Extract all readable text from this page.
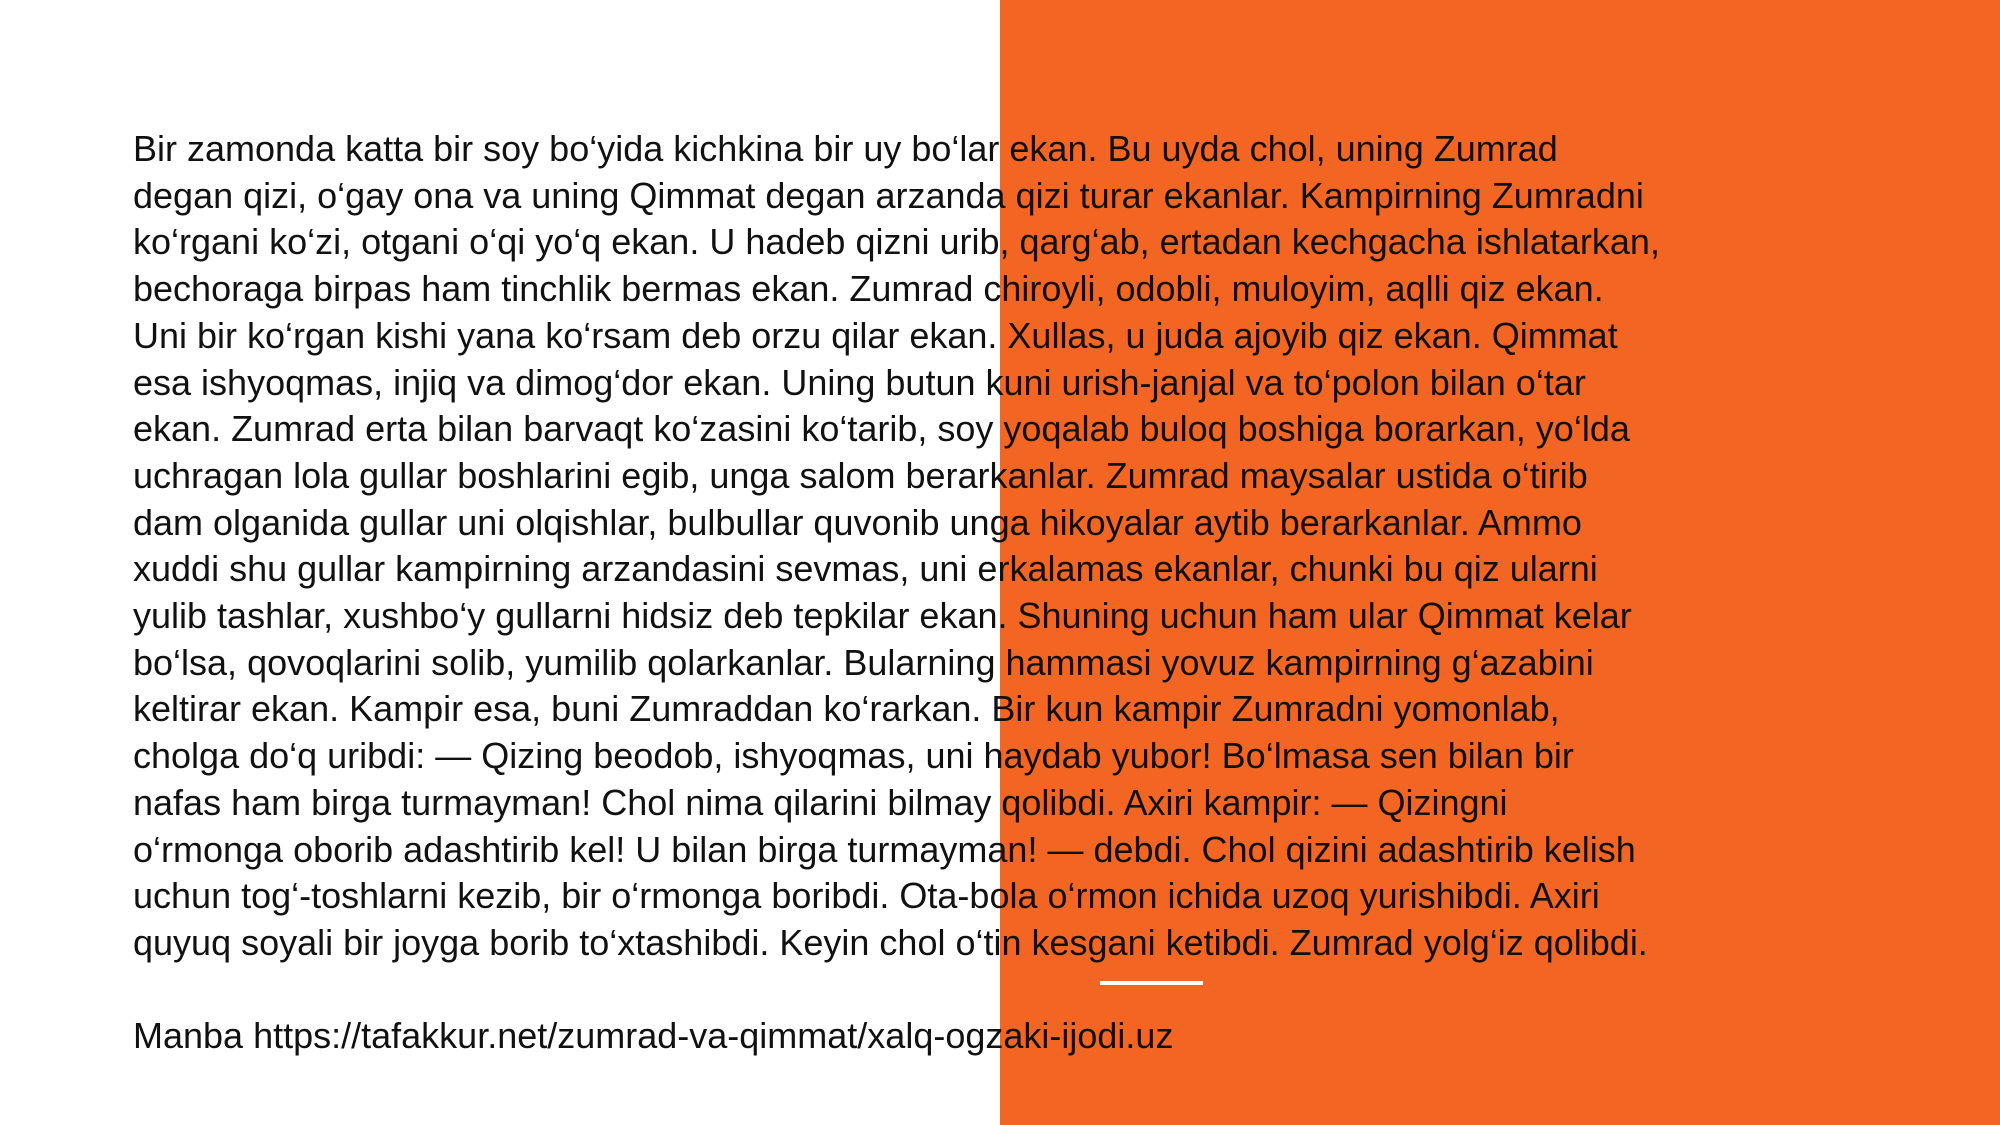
Bir zamonda katta bir soy bo‘yida kichkina bir uy bo‘lar ekan. Bu uyda chol, uning Zumrad
degan qizi, o‘gay ona va uning Qimmat degan arzanda qizi turar ekanlar. Kampirning Zumradni
ko‘rgani ko‘zi, otgani o‘qi yo‘q ekan. U hadeb qizni urib, qarg‘ab, ertadan kechgacha ishlatarkan,
bechoraga birpas ham tinchlik bermas ekan. Zumrad chiroyli, odobli, muloyim, aqlli qiz ekan.
Uni bir ko‘rgan kishi yana ko‘rsam deb orzu qilar ekan. Xullas, u juda ajoyib qiz ekan. Qimmat
esa ishyoqmas, injiq va dimog‘dor ekan. Uning butun kuni urish-janjal va to‘polon bilan o‘tar
ekan. Zumrad erta bilan barvaqt ko‘zasini ko‘tarib, soy yoqalab buloq boshiga borarkan, yo‘lda
uchragan lola gullar boshlarini egib, unga salom berarkanlar. Zumrad maysalar ustida o‘tirib
dam olganida gullar uni olqishlar, bulbullar quvonib unga hikoyalar aytib berarkanlar. Ammo
xuddi shu gullar kampirning arzandasini sevmas, uni erkalamas ekanlar, chunki bu qiz ularni
yulib tashlar, xushbo‘y gullarni hidsiz deb tepkilar ekan. Shuning uchun ham ular Qimmat kelar
bo‘lsa, qovoqlarini solib, yumilib qolarkanlar. Bularning hammasi yovuz kampirning g‘azabini
keltirar ekan. Kampir esa, buni Zumraddan ko‘rarkan. Bir kun kampir Zumradni yomonlab,
cholga do‘q uribdi: — Qizing beodob, ishyoqmas, uni haydab yubor! Bo‘lmasa sen bilan bir
nafas ham birga turmayman! Chol nima qilarini bilmay qolibdi. Axiri kampir: — Qizingni
o‘rmonga oborib adashtirib kel! U bilan birga turmayman! — debdi. Chol qizini adashtirib kelish
uchun tog‘-toshlarni kezib, bir o‘rmonga boribdi. Ota-bola o‘rmon ichida uzoq yurishibdi. Axiri
quyuq soyali bir joyga borib to‘xtashibdi. Keyin chol o‘tin kesgani ketibdi. Zumrad yolg‘iz qolibdi.

Manba https://tafakkur.net/zumrad-va-qimmat/xalq-ogzaki-ijodi.uz
